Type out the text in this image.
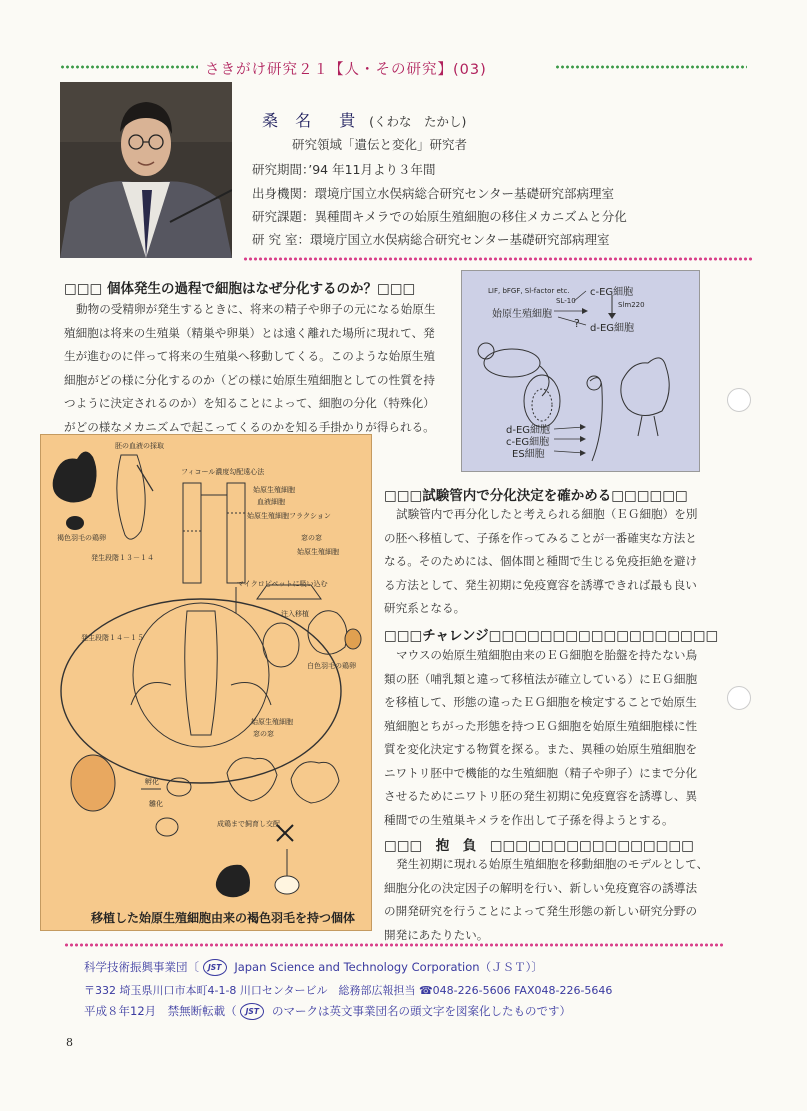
さきがけ研究２１【人・その研究】(03)
桑 名　貴 (くわな　たかし)
研究領域「遺伝と変化」研究者
研究期間：’94 年11月より３年間
出身機関：環境庁国立水俣病総合研究センター基礎研究部病理室
研究課題：異種間キメラでの始原生殖細胞の移住メカニズムと分化
研 究 室：環境庁国立水俣病総合研究センター基礎研究部病理室
□□□ 個体発生の過程で細胞はなぜ分化するのか？□□□
動物の受精卵が発生するときに、将来の精子や卵子の元になる始原生
殖細胞は将来の生殖巣（精巣や卵巣）とは遠く離れた場所に現れて、発
生が進むのに伴って将来の生殖巣へ移動してくる。このような始原生殖
細胞がどの様に分化するのか（どの様に始原生殖細胞としての性質を持
つように決定されるのか）を知ることによって、細胞の分化（特殊化）
がどの様なメカニズムで起こってくるのかを知る手掛かりが得られる。
LIF, bFGF, Sl-factor etc.
SL-10
c-EG細胞
Slm220
始原生殖細胞
? d-EG細胞
d-EG細胞
c-EG細胞
ES細胞
胚の血液の採取
フィコール濃度勾配遠心法
始原生殖細胞
血液細胞
始原生殖細胞フラクション
褐色羽毛の鶏卵
発生段階１３－１４
窓の窓
始原生殖細胞
マイクロピペットに吸い込む
注入移植
発生段階１４－１５
白色羽毛の鶏卵
始原生殖細胞
窓の窓
孵化
雛化
成鶏まで飼育し交配
移植した始原生殖細胞由来の褐色羽毛を持つ個体
□□□試験管内で分化決定を確かめる□□□□□□
試験管内で再分化したと考えられる細胞（ＥＧ細胞）を別
の胚へ移植して、子孫を作ってみることが一番確実な方法と
なる。そのためには、個体間と種間で生じる免疫拒絶を避け
る方法として、発生初期に免疫寛容を誘導できれば最も良い
研究系となる。
□□□チャレンジ□□□□□□□□□□□□□□□□□□
マウスの始原生殖細胞由来のＥＧ細胞を胎盤を持たない鳥
類の胚（哺乳類と違って移植法が確立している）にＥＧ細胞
を移植して、形態の違ったＥＧ細胞を検定することで始原生
殖細胞とちがった形態を持つＥＧ細胞を始原生殖細胞様に性
質を変化決定する物質を探る。また、異種の始原生殖細胞を
ニワトリ胚中で機能的な生殖細胞（精子や卵子）にまで分化
させるためにニワトリ胚の発生初期に免疫寛容を誘導し、異
種間での生殖巣キメラを作出して子孫を得ようとする。
□□□　抱　負　□□□□□□□□□□□□□□□□
発生初期に現れる始原生殖細胞を移動細胞のモデルとして、
細胞分化の決定因子の解明を行い、新しい免疫寛容の誘導法
の開発研究を行うことによって発生形態の新しい研究分野の
開発にあたりたい。
科学技術振興事業団〔 JST Japan Science and Technology Corporation（ＪＳＴ）〕
〒332 埼玉県川口市本町4-1-8 川口センタービル　総務部広報担当 ☎048-226-5606 FAX048-226-5646
平成８年12月　禁無断転載（ JST のマークは英文事業団名の頭文字を図案化したものです）
8
